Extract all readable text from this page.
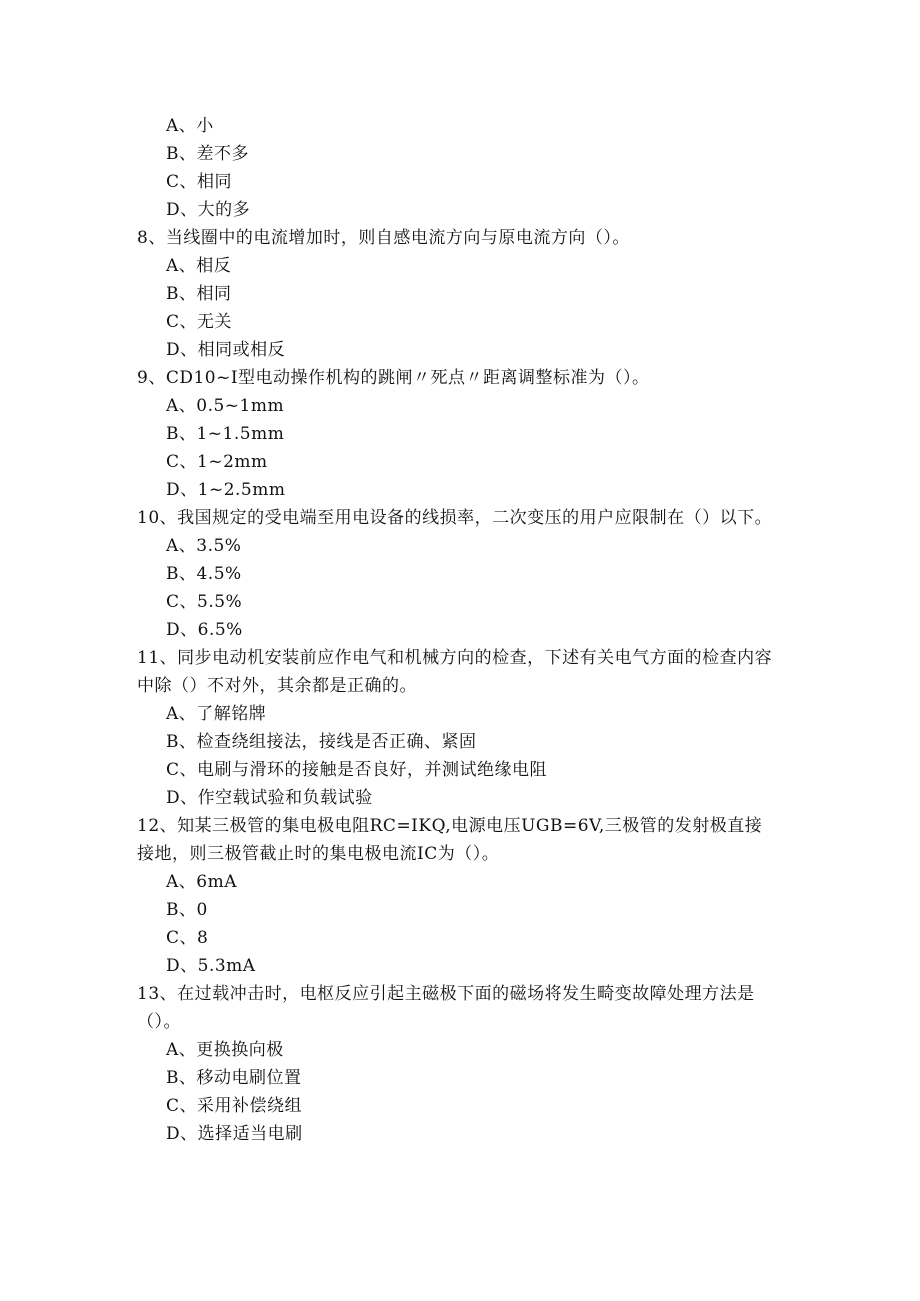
A、小

B、差不多

C、相同

D、大的多

8、当线圈中的电流增加时，则自感电流方向与原电流方向（）。

A、相反

B、相同

C、无关

D、相同或相反

9、CD10~I型电动操作机构的跳闸〃死点〃距离调整标准为（）。

A、0.5~1mm

B、1~1.5mm

C、1~2mm

D、1~2.5mm

10、我国规定的受电端至用电设备的线损率，二次变压的用户应限制在（）以下。

A、3.5%

B、4.5%

C、5.5%

D、6.5%

11、同步电动机安装前应作电气和机械方向的检查，下述有关电气方面的检查内容中除（）不对外，其余都是正确的。

A、了解铭牌

B、检查绕组接法，接线是否正确、紧固

C、电刷与滑环的接触是否良好，并测试绝缘电阻

D、作空载试验和负载试验

12、知某三极管的集电极电阻RC=IKQ,电源电压UGB=6V,三极管的发射极直接接地，则三极管截止时的集电极电流IC为（）。

A、6mA

B、0

C、8

D、5.3mA

13、在过载冲击时，电枢反应引起主磁极下面的磁场将发生畸变故障处理方法是（）。

A、更换换向极

B、移动电刷位置

C、采用补偿绕组

D、选择适当电刷
